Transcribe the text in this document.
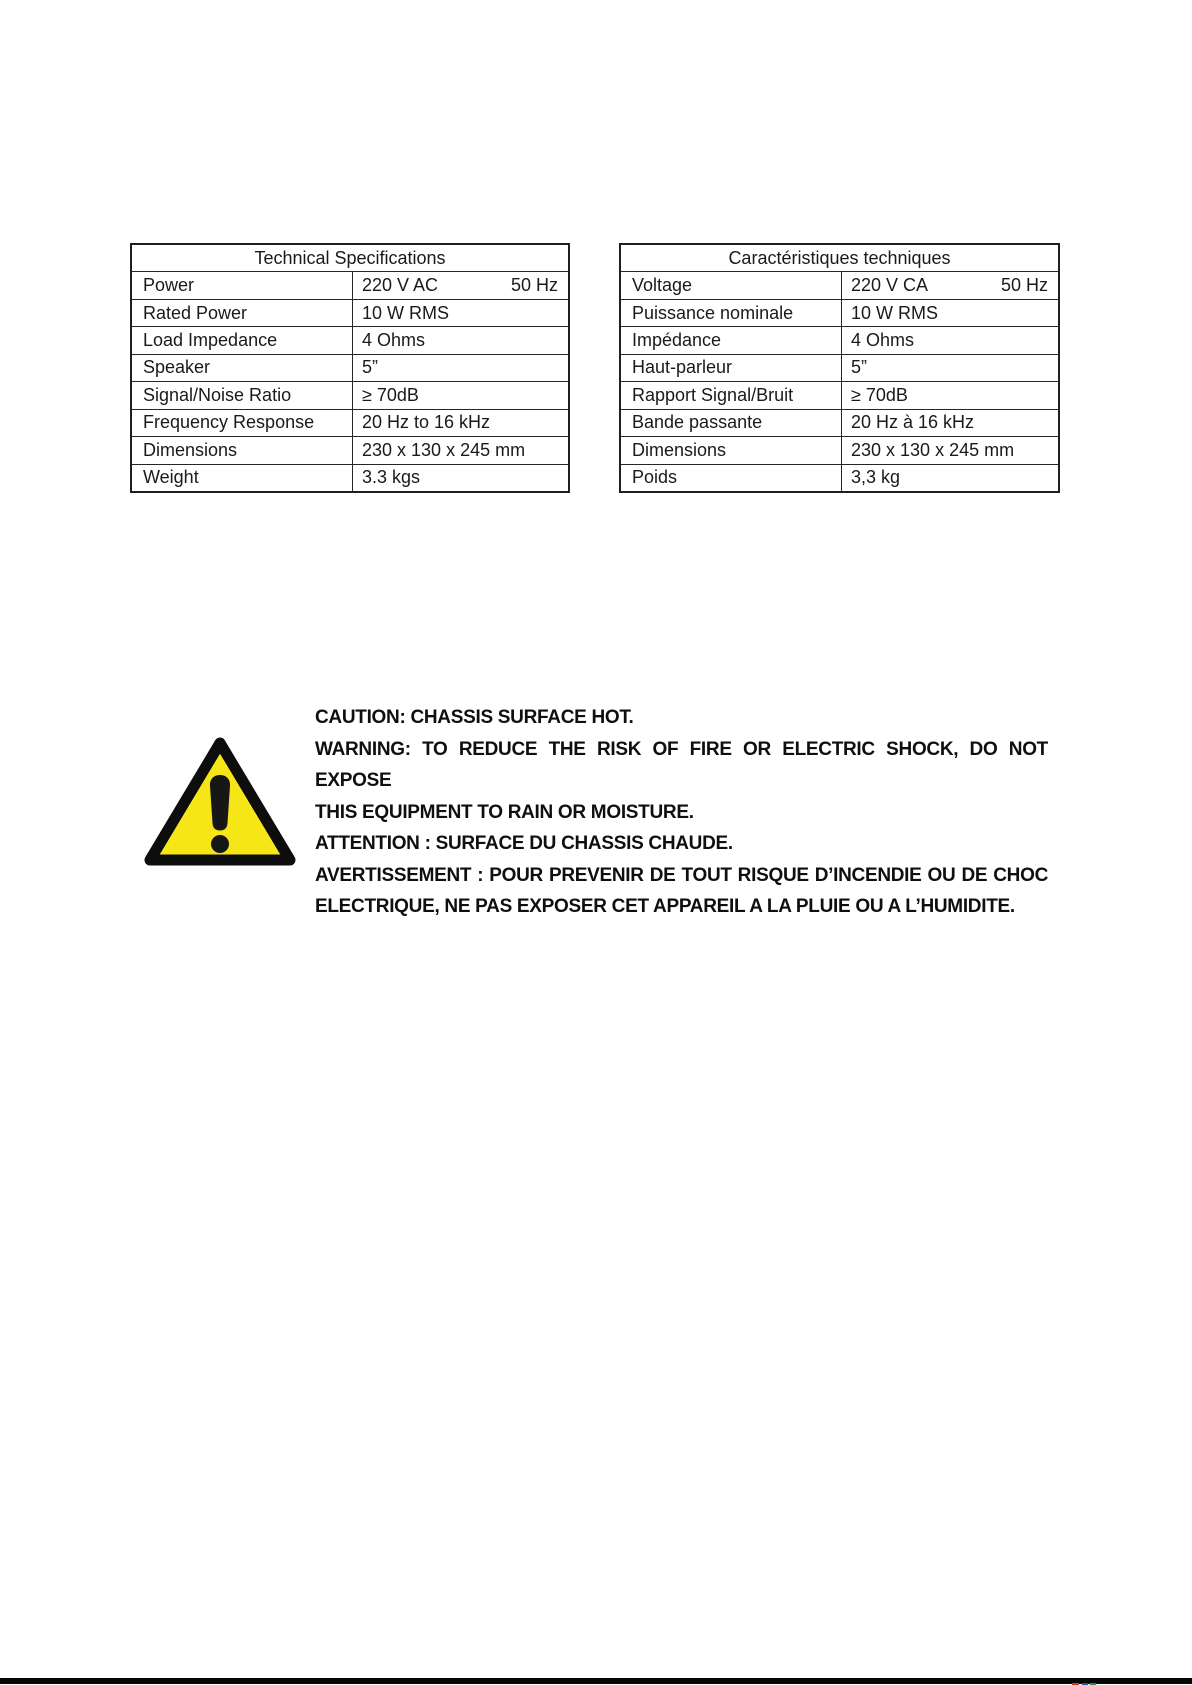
Technical Specifications
Power	220 V AC	50 Hz
Rated Power	10 W RMS
Load Impedance	4 Ohms
Speaker	5”
Signal/Noise Ratio	≥ 70dB
Frequency Response	20 Hz to 16 kHz
Dimensions	230 x 130 x 245 mm
Weight	3.3 kgs
Caractéristiques techniques
Voltage	220 V CA	50 Hz
Puissance nominale	10 W RMS
Impédance	4 Ohms
Haut-parleur	5”
Rapport Signal/Bruit	≥ 70dB
Bande passante	20 Hz à 16 kHz
Dimensions	230 x 130 x 245 mm
Poids	3,3 kg
CAUTION: CHASSIS SURFACE HOT.
WARNING: TO REDUCE THE RISK OF FIRE OR ELECTRIC SHOCK, DO NOT EXPOSE
THIS EQUIPMENT TO RAIN OR MOISTURE.
ATTENTION : SURFACE DU CHASSIS CHAUDE.
AVERTISSEMENT : POUR PREVENIR DE TOUT RISQUE D’INCENDIE OU DE CHOC
ELECTRIQUE, NE PAS EXPOSER CET APPAREIL A LA PLUIE OU A L’HUMIDITE.
